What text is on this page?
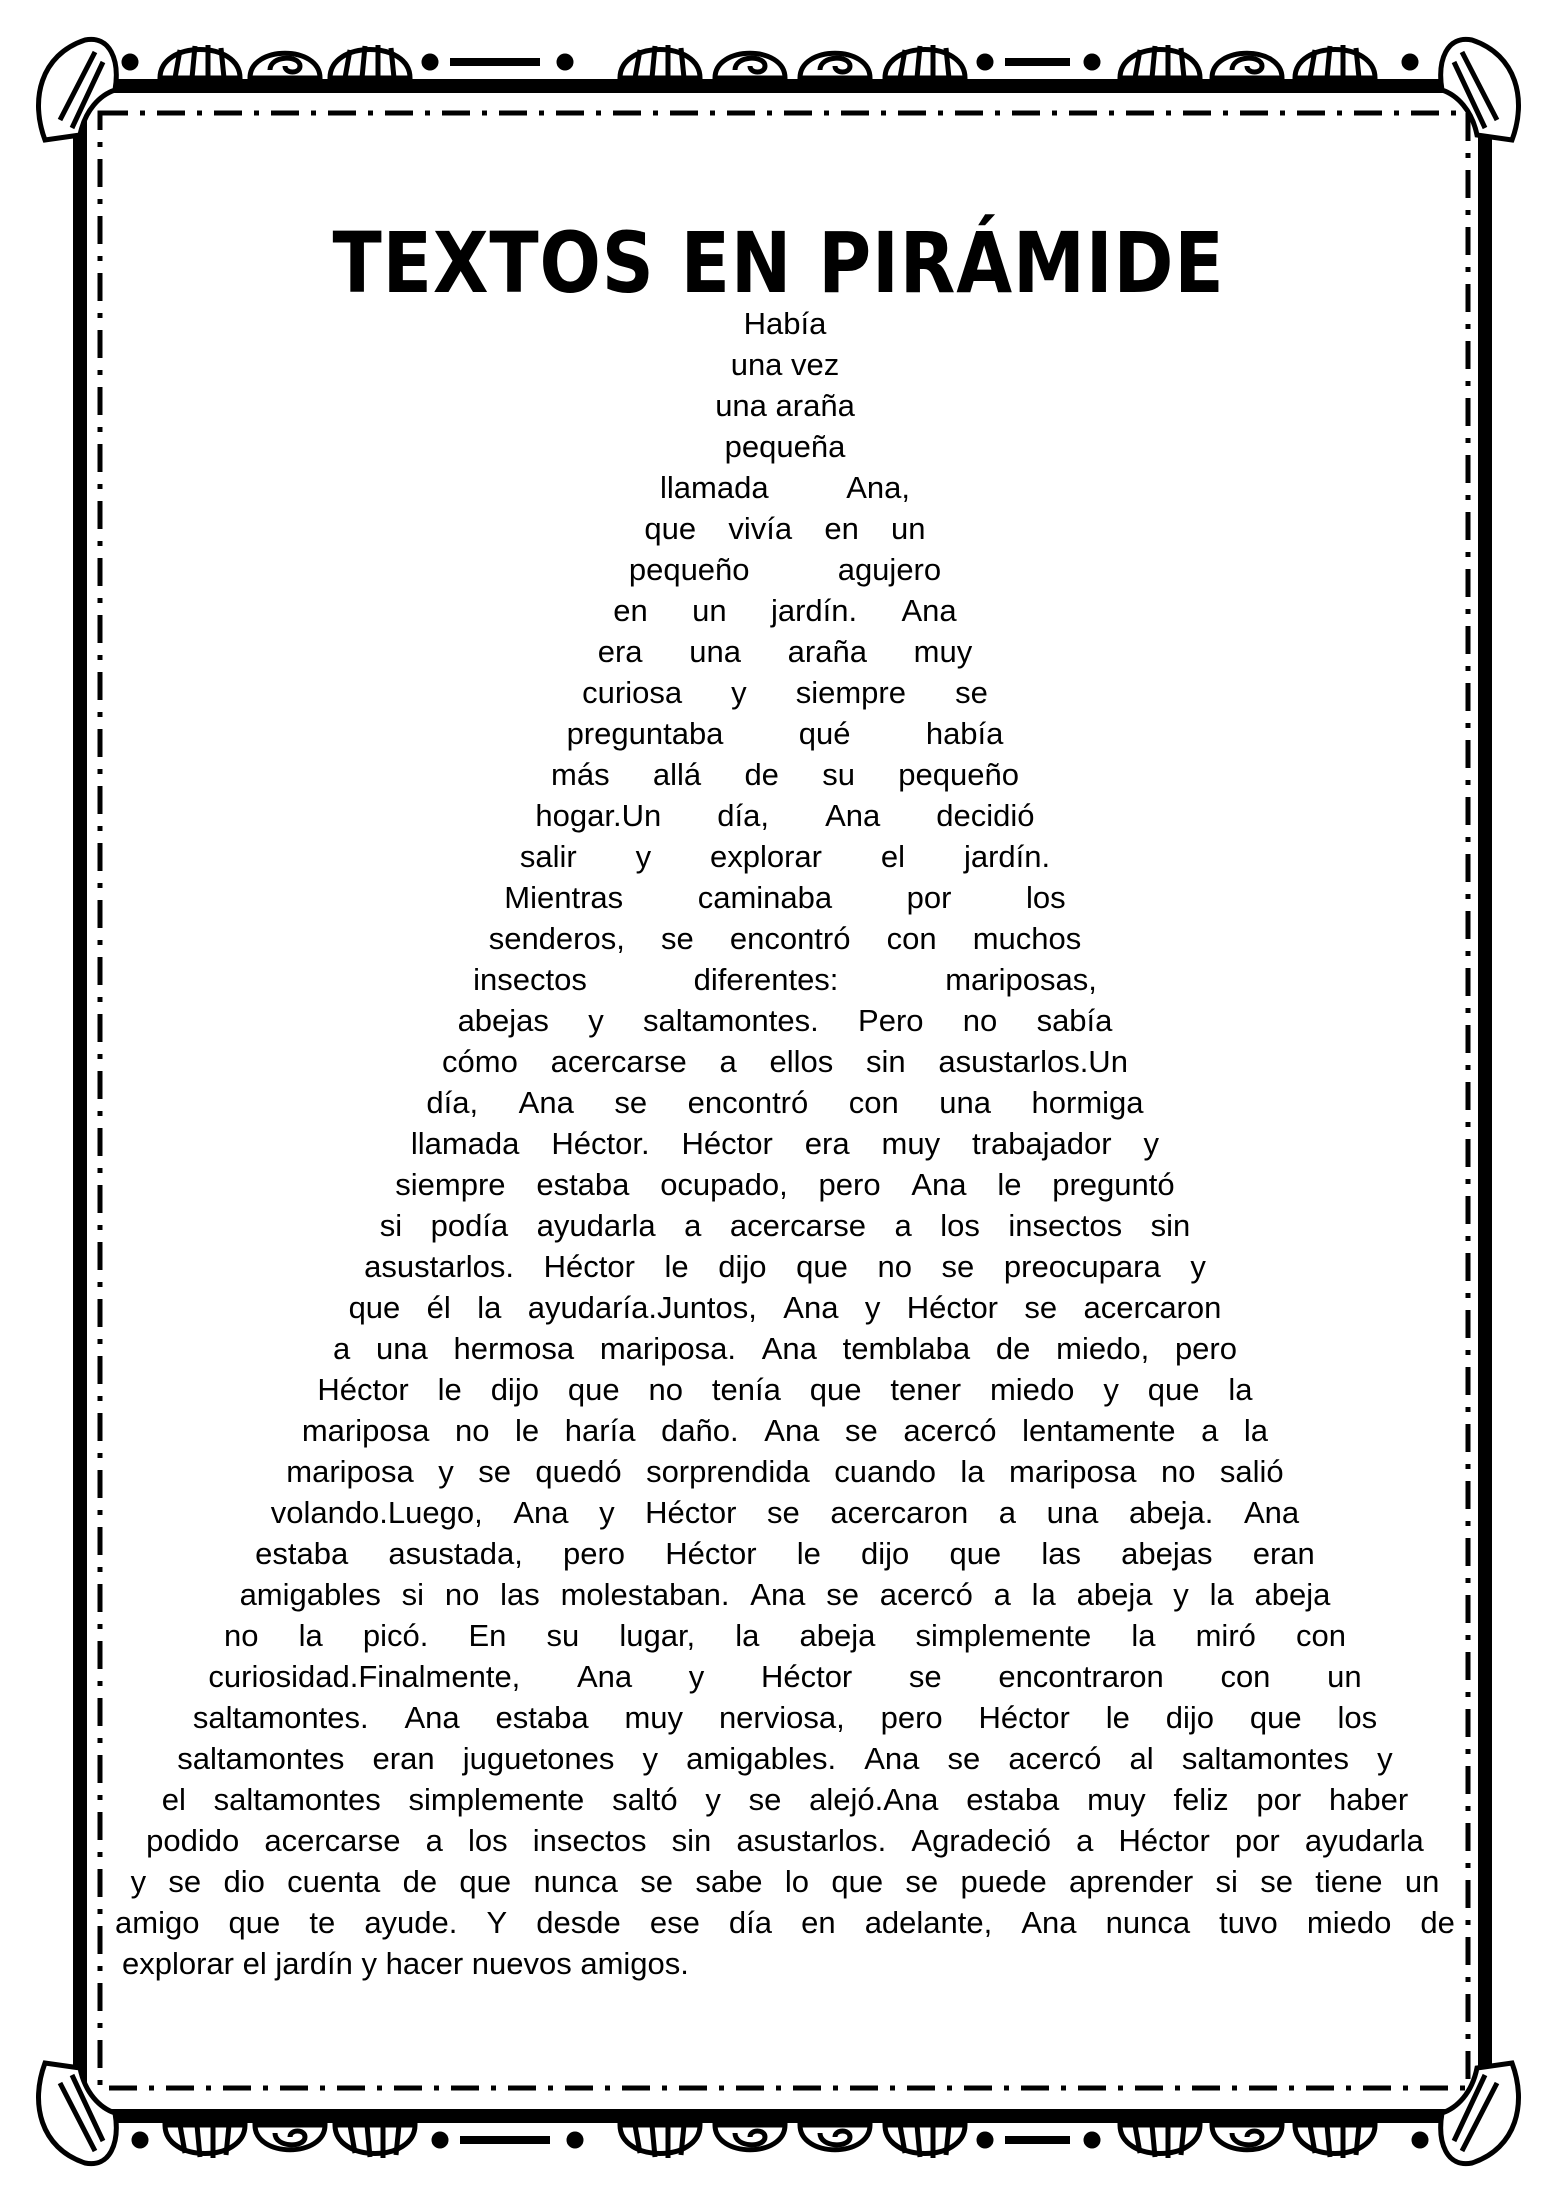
TEXTOS EN PIRÁMIDE
Había
una vez
una araña
pequeña
llamada	Ana,
que vivía en un
pequeño	agujero
en un jardín. Ana
era una araña muy
curiosa y siempre se
preguntaba qué había
más allá de su pequeño
hogar.Un día, Ana decidió
salir y explorar el jardín.
Mientras caminaba por los
senderos, se encontró con muchos
insectos	diferentes:	mariposas,
abejas y saltamontes. Pero no sabía
cómo acercarse a ellos sin asustarlos.Un
día, Ana se encontró con una hormiga
llamada Héctor. Héctor era muy trabajador y
siempre estaba ocupado, pero Ana le preguntó
si podía ayudarla a acercarse a los insectos sin
asustarlos. Héctor le dijo que no se preocupara y
que él la ayudaría.Juntos, Ana y Héctor se acercaron
a una hermosa mariposa. Ana temblaba de miedo, pero
Héctor le dijo que no tenía que tener miedo y que la
mariposa no le haría daño. Ana se acercó lentamente a la
mariposa y se quedó sorprendida cuando la mariposa no salió
volando.Luego, Ana y Héctor se acercaron a una abeja. Ana
estaba asustada, pero Héctor le dijo que las abejas eran
amigables si no las molestaban. Ana se acercó a la abeja y la abeja
no la picó. En su lugar, la abeja simplemente la miró con
curiosidad.Finalmente, Ana y Héctor se encontraron con un
saltamontes. Ana estaba muy nerviosa, pero Héctor le dijo que los
saltamontes eran juguetones y amigables. Ana se acercó al saltamontes y
el saltamontes simplemente saltó y se alejó.Ana estaba muy feliz por haber
podido acercarse a los insectos sin asustarlos. Agradeció a Héctor por ayudarla
y se dio cuenta de que nunca se sabe lo que se puede aprender si se tiene un
amigo que te ayude. Y desde ese día en adelante, Ana nunca tuvo miedo de
explorar el jardín y hacer nuevos amigos.
